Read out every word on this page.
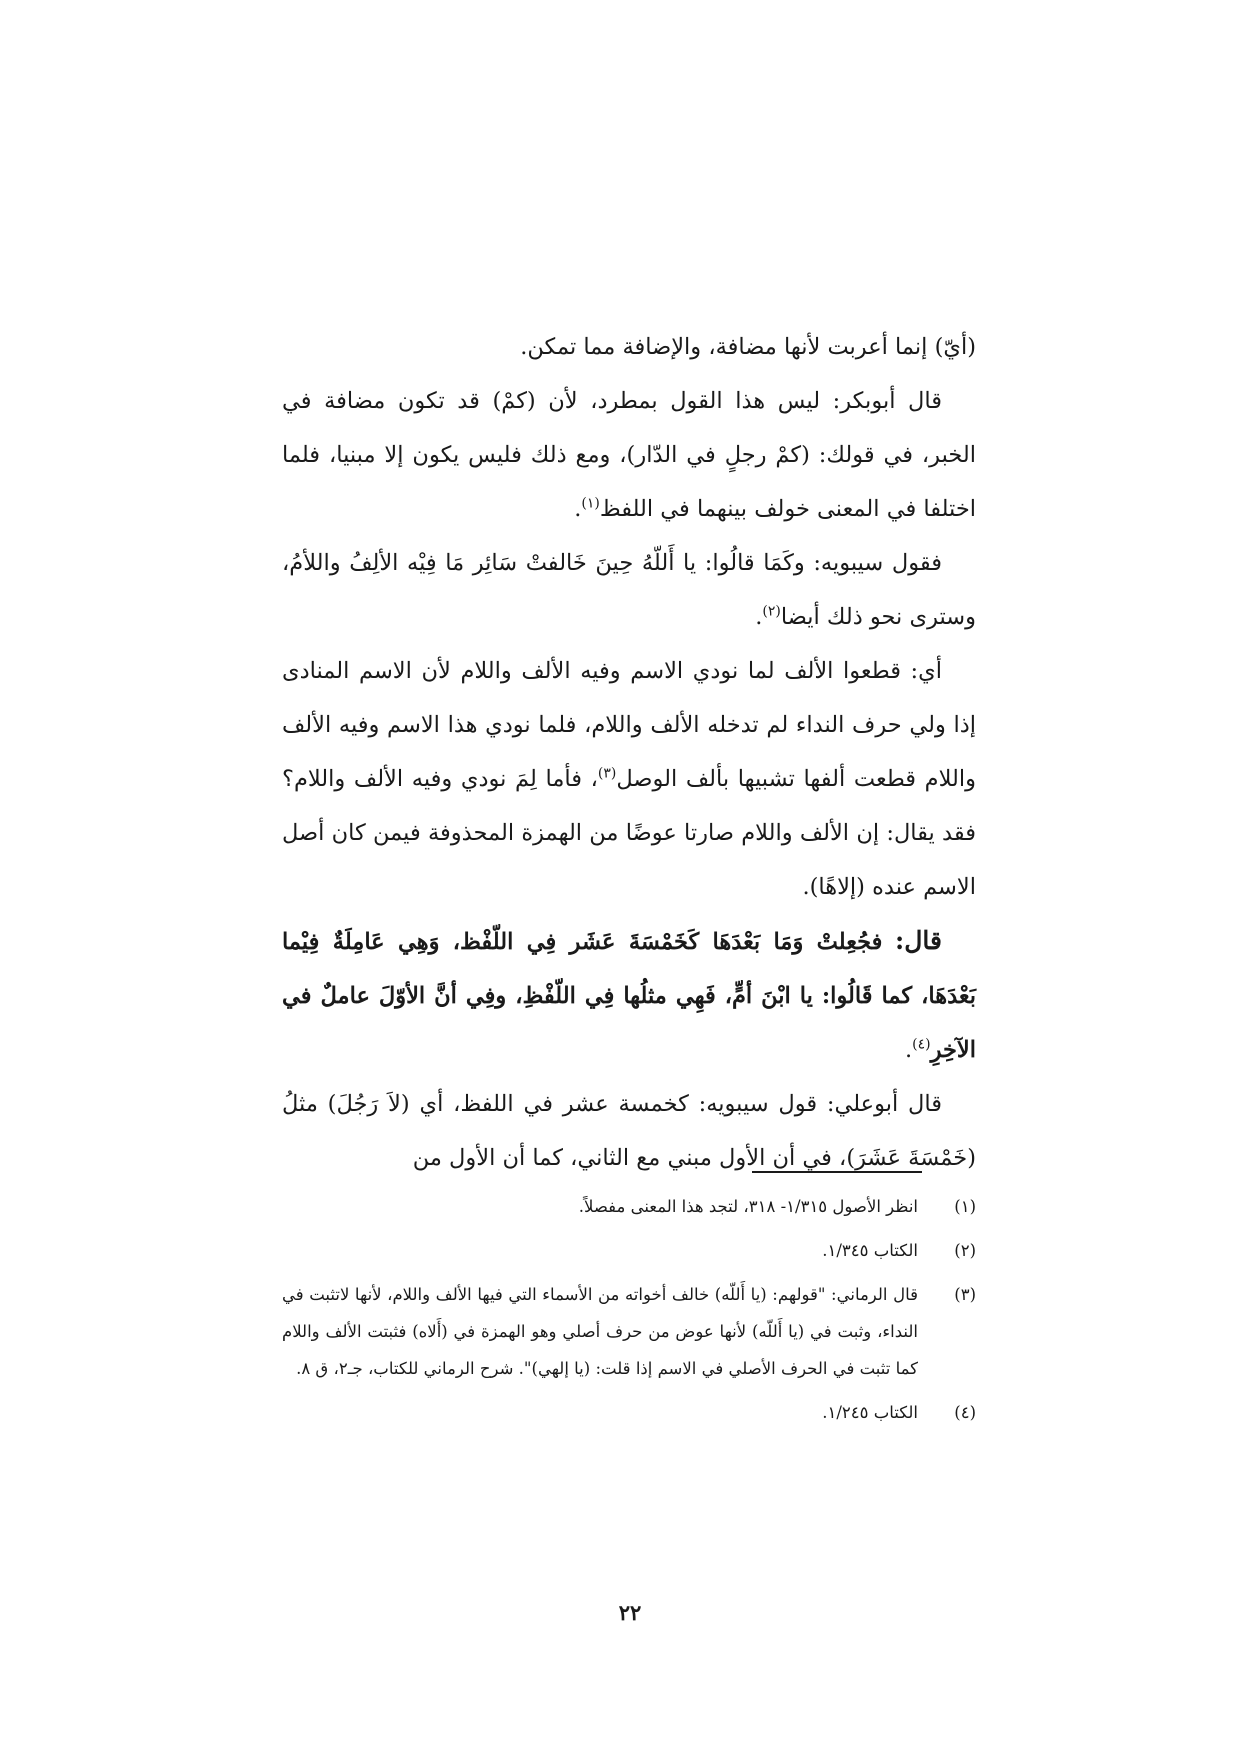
(أيّ) إنما أعربت لأنها مضافة، والإضافة مما تمكن.

قال أبوبكر: ليس هذا القول بمطرد، لأن (كمْ) قد تكون مضافة في الخبر، في قولك: (كمْ رجلٍ في الدّار)، ومع ذلك فليس يكون إلا مبنيا، فلما اختلفا في المعنى خولف بينهما في اللفظ$^{(١)}$.

فقول سيبويه: وكَمَا قالُوا: يا أَللّهُ حِينَ خَالفتْ سَائِر مَا فِيْه الألِفُ واللأمُ، وسترى نحو ذلك أيضا$^{(٢)}$.

أي: قطعوا الألف لما نودي الاسم وفيه الألف واللام لأن الاسم المنادى إذا ولي حرف النداء لم تدخله الألف واللام، فلما نودي هذا الاسم وفيه الألف واللام قطعت ألفها تشبيها بألف الوصل$^{(٣)}$، فأما لِمَ نودي وفيه الألف واللام؟ فقد يقال: إن الألف واللام صارتا عوضًا من الهمزة المحذوفة فيمن كان أصل الاسم عنده (إلاهًا).

قال: فجُعِلتْ وَمَا بَعْدَهَا كَخَمْسَةَ عَشَر فِي اللّفْظ، وَهِي عَامِلَةٌ فِيْما بَعْدَهَا، كما قَالُوا: يا ابْنَ أمٍّ، فَهِي مثلُها فِي اللّفْظِ، وفِي أنَّ الأوّلَ عاملٌ في الآخِرِ$^{(٤)}$.

قال أبوعلي: قول سيبويه: كخمسة عشر في اللفظ، أي (لاَ رَجُلَ) مثلُ (خَمْسَةَ عَشَرَ)، في أن الأول مبني مع الثاني، كما أن الأول من

(١)
انظر الأصول ١/٣١٥- ٣١٨، لتجد هذا المعنى مفصلاً.
(٢)
الكتاب ١/٣٤٥.
(٣)
قال الرماني: "قولهم: (يا أَللّه) خالف أخواته من الأسماء التي فيها الألف واللام، لأنها لاتثبت في النداء، وثبت في (يا أَللّه) لأنها عوض من حرف أصلي وهو الهمزة في (أَلاه) فثبتت الألف واللام كما تثبت في الحرف الأصلي في الاسم إذا قلت: (يا إلهي)". شرح الرماني للكتاب، جـ٢، ق ٨.
(٤)
الكتاب ١/٢٤٥.
٢٢
